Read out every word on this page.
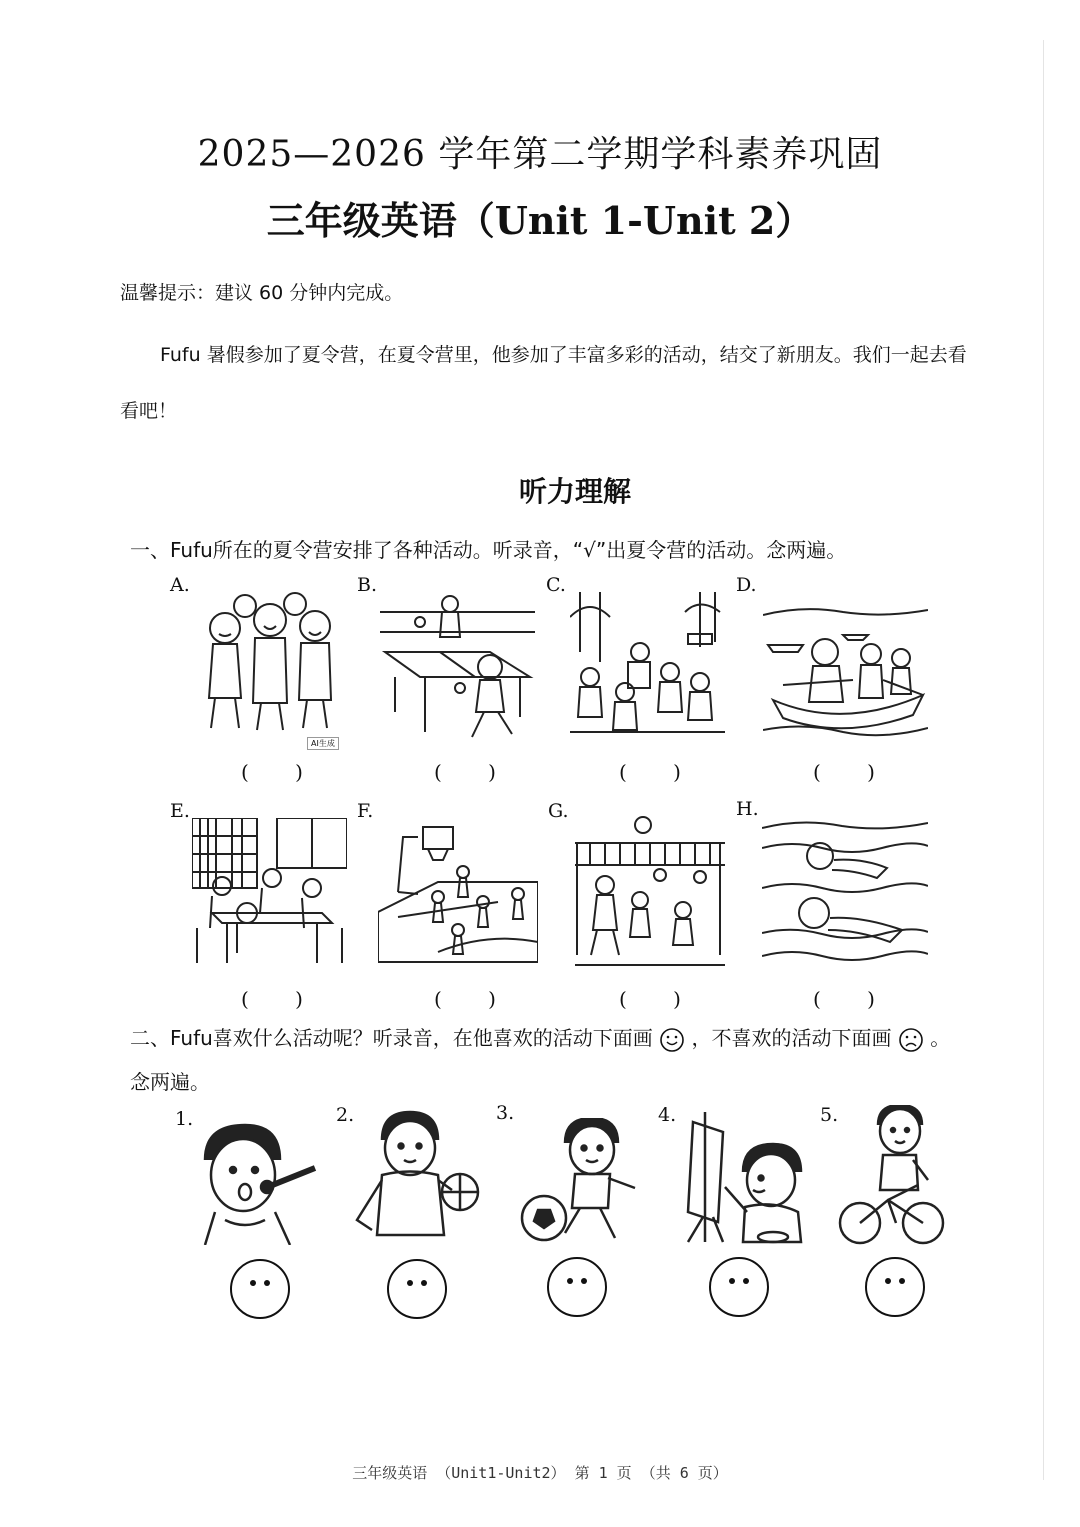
2025—2026 学年第二学期学科素养巩固
三年级英语（Unit 1-Unit 2）
温馨提示：建议 60 分钟内完成。
Fufu 暑假参加了夏令营，在夏令营里，他参加了丰富多彩的活动，结交了新朋友。我们一起去看看吧！
听力理解
一、Fufu所在的夏令营安排了各种活动。听录音，“√”出夏令营的活动。念两遍。
A.	B.	C.	D.
AI生成
( )	( )	( )	( )
E.	F.	G.	H.
( )	( )	( )	( )
二、Fufu喜欢什么活动呢？听录音，在他喜欢的活动下面画 ，不喜欢的活动下面画 。
念两遍。
1.	2.	3.	4.	5.
三年级英语 （Unit1-Unit2） 第 1 页 （共 6 页）
